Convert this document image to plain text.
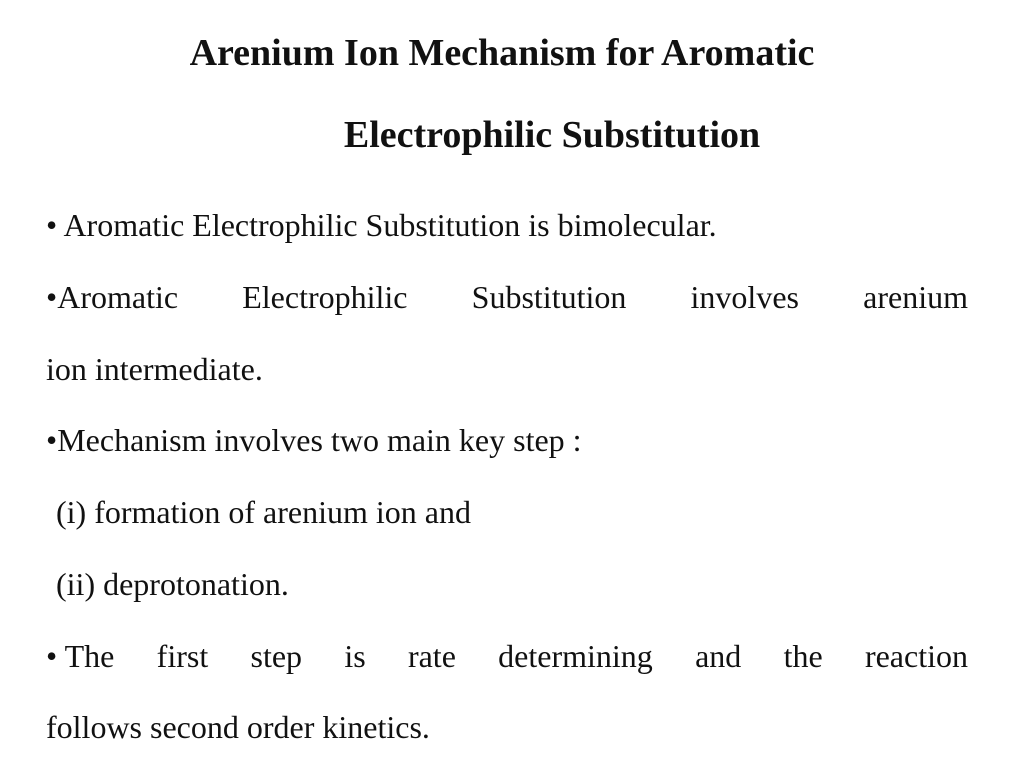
Arenium Ion Mechanism for Aromatic
Electrophilic Substitution
• Aromatic Electrophilic Substitution is bimolecular.
•Aromatic Electrophilic Substitution involves arenium
ion intermediate.
•Mechanism involves two main key step :
(i) formation of arenium ion and
(ii) deprotonation.
• The first step is rate determining and the reaction
follows second order kinetics.
